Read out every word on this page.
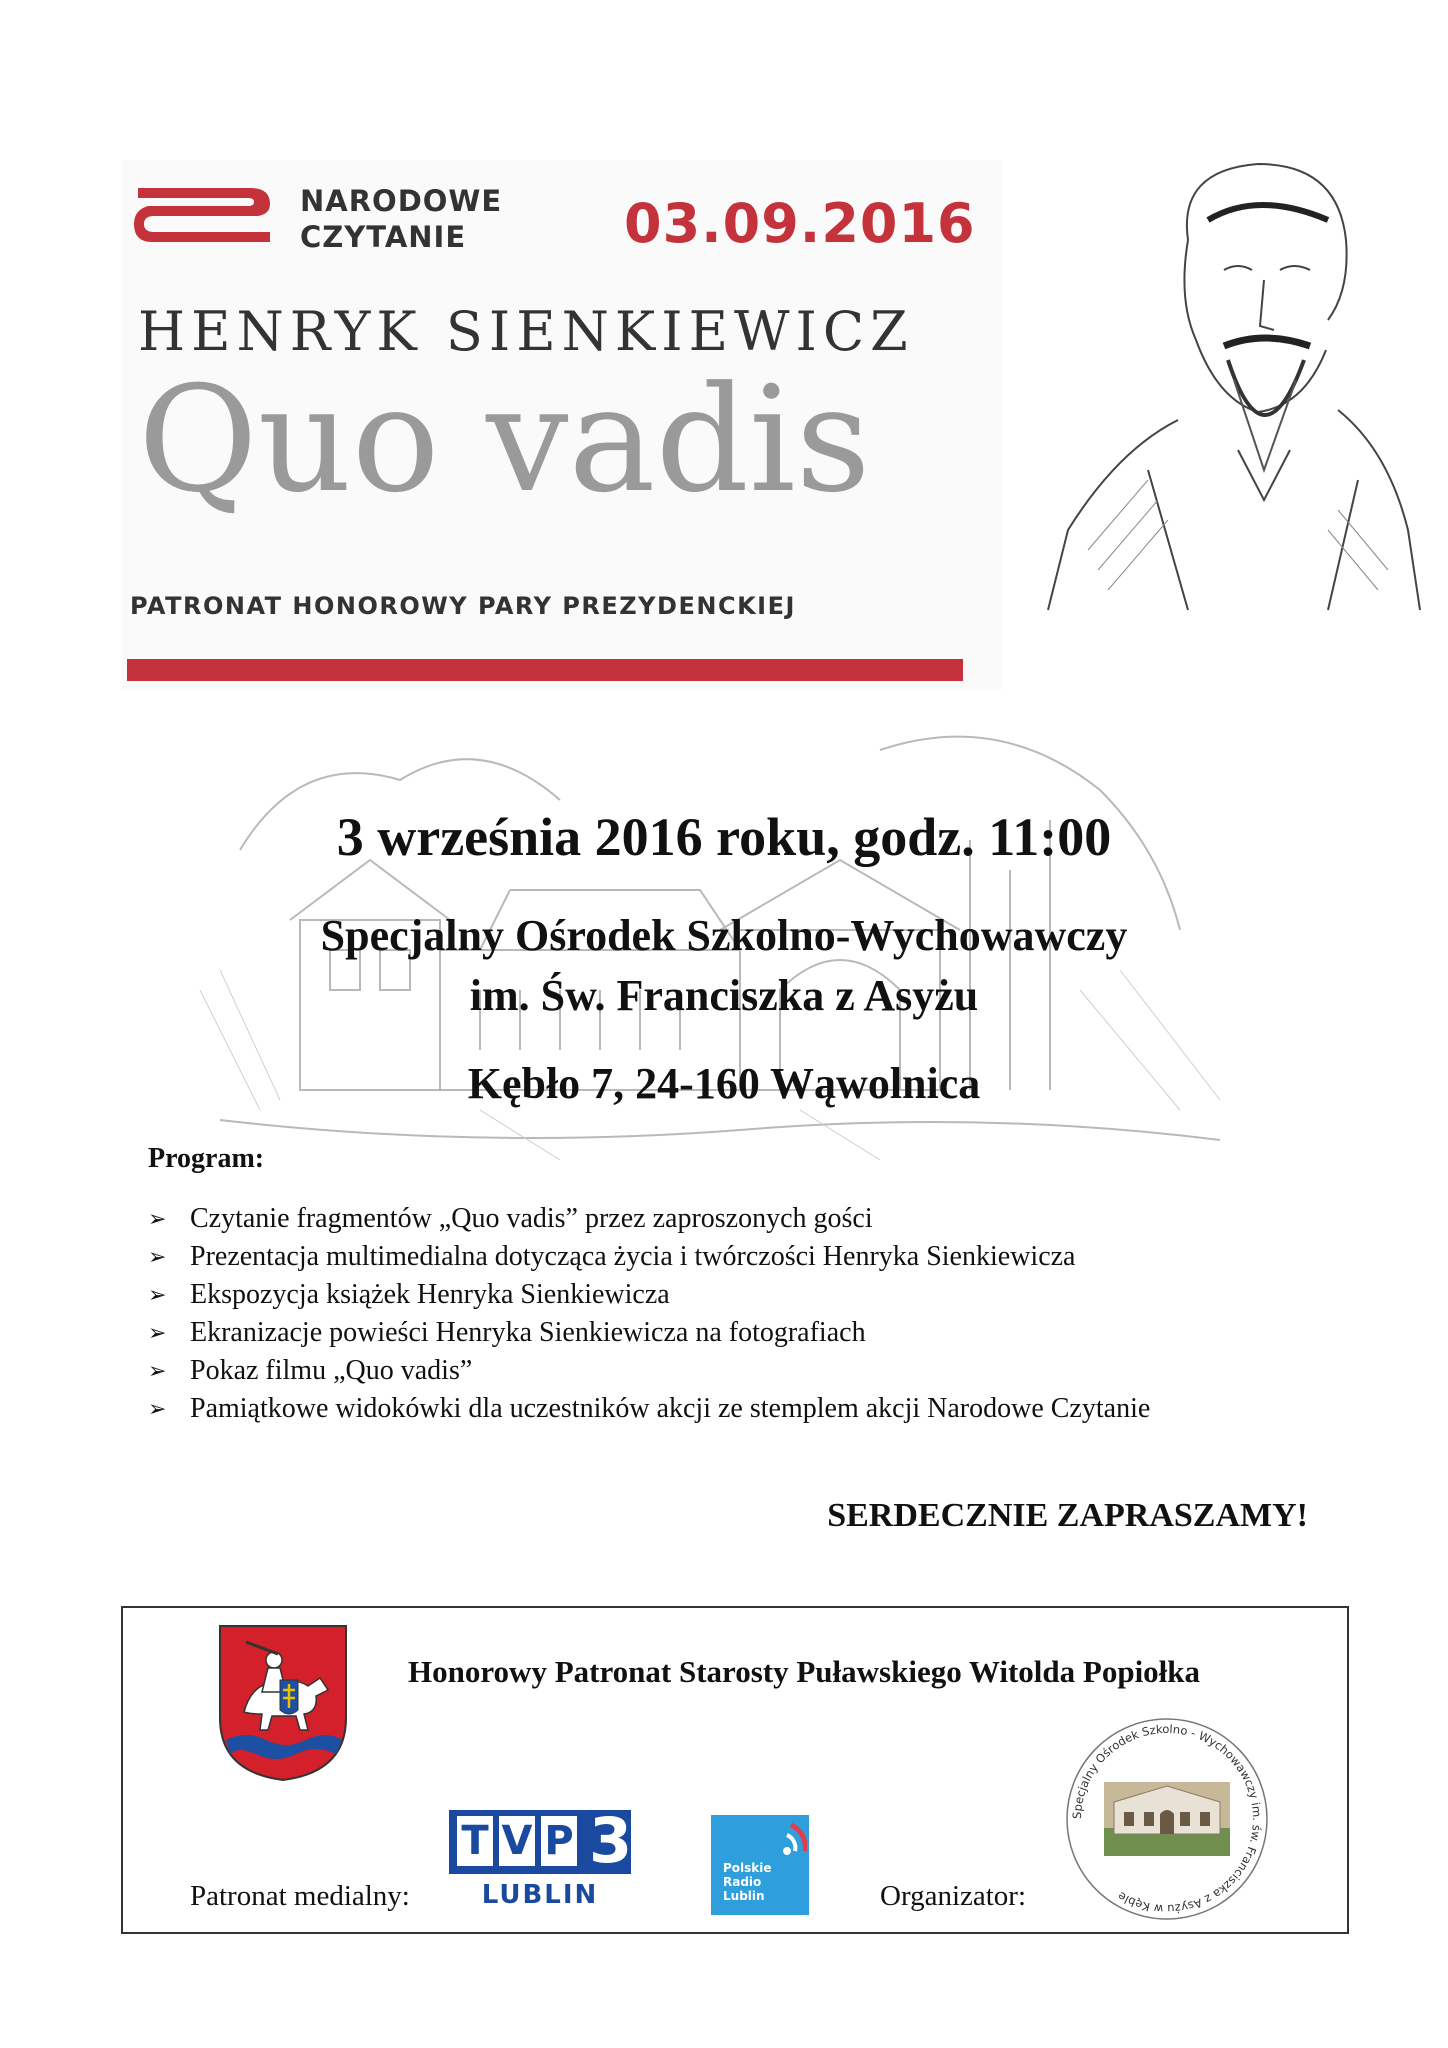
NARODOWE
CZYTANIE	03.09.2016
HENRYK SIENKIEWICZ
Quo vadis
PATRONAT HONOROWY PARY PREZYDENCKIEJ
3 września 2016 roku, godz. 11:00
Specjalny Ośrodek Szkolno-Wychowawczy
im. Św. Franciszka z Asyżu
Kębło 7, 24-160 Wąwolnica
Program:
➢ Czytanie fragmentów „Quo vadis” przez zaproszonych gości
➢ Prezentacja multimedialna dotycząca życia i twórczości Henryka Sienkiewicza
➢ Ekspozycja książek Henryka Sienkiewicza
➢ Ekranizacje powieści Henryka Sienkiewicza na fotografiach
➢ Pokaz filmu „Quo vadis”
➢ Pamiątkowe widokówki dla uczestników akcji ze stemplem akcji Narodowe Czytanie
SERDECZNIE ZAPRASZAMY!
Honorowy Patronat Starosty Puławskiego Witolda Popiołka
Patronat medialny:
T V P 3
LUBLIN
Polskie
Radio
Lublin	Organizator:
Specjalny Ośrodek Szkolno - Wychowawczy im. św. Franciszka z Asyżu w Kęble
